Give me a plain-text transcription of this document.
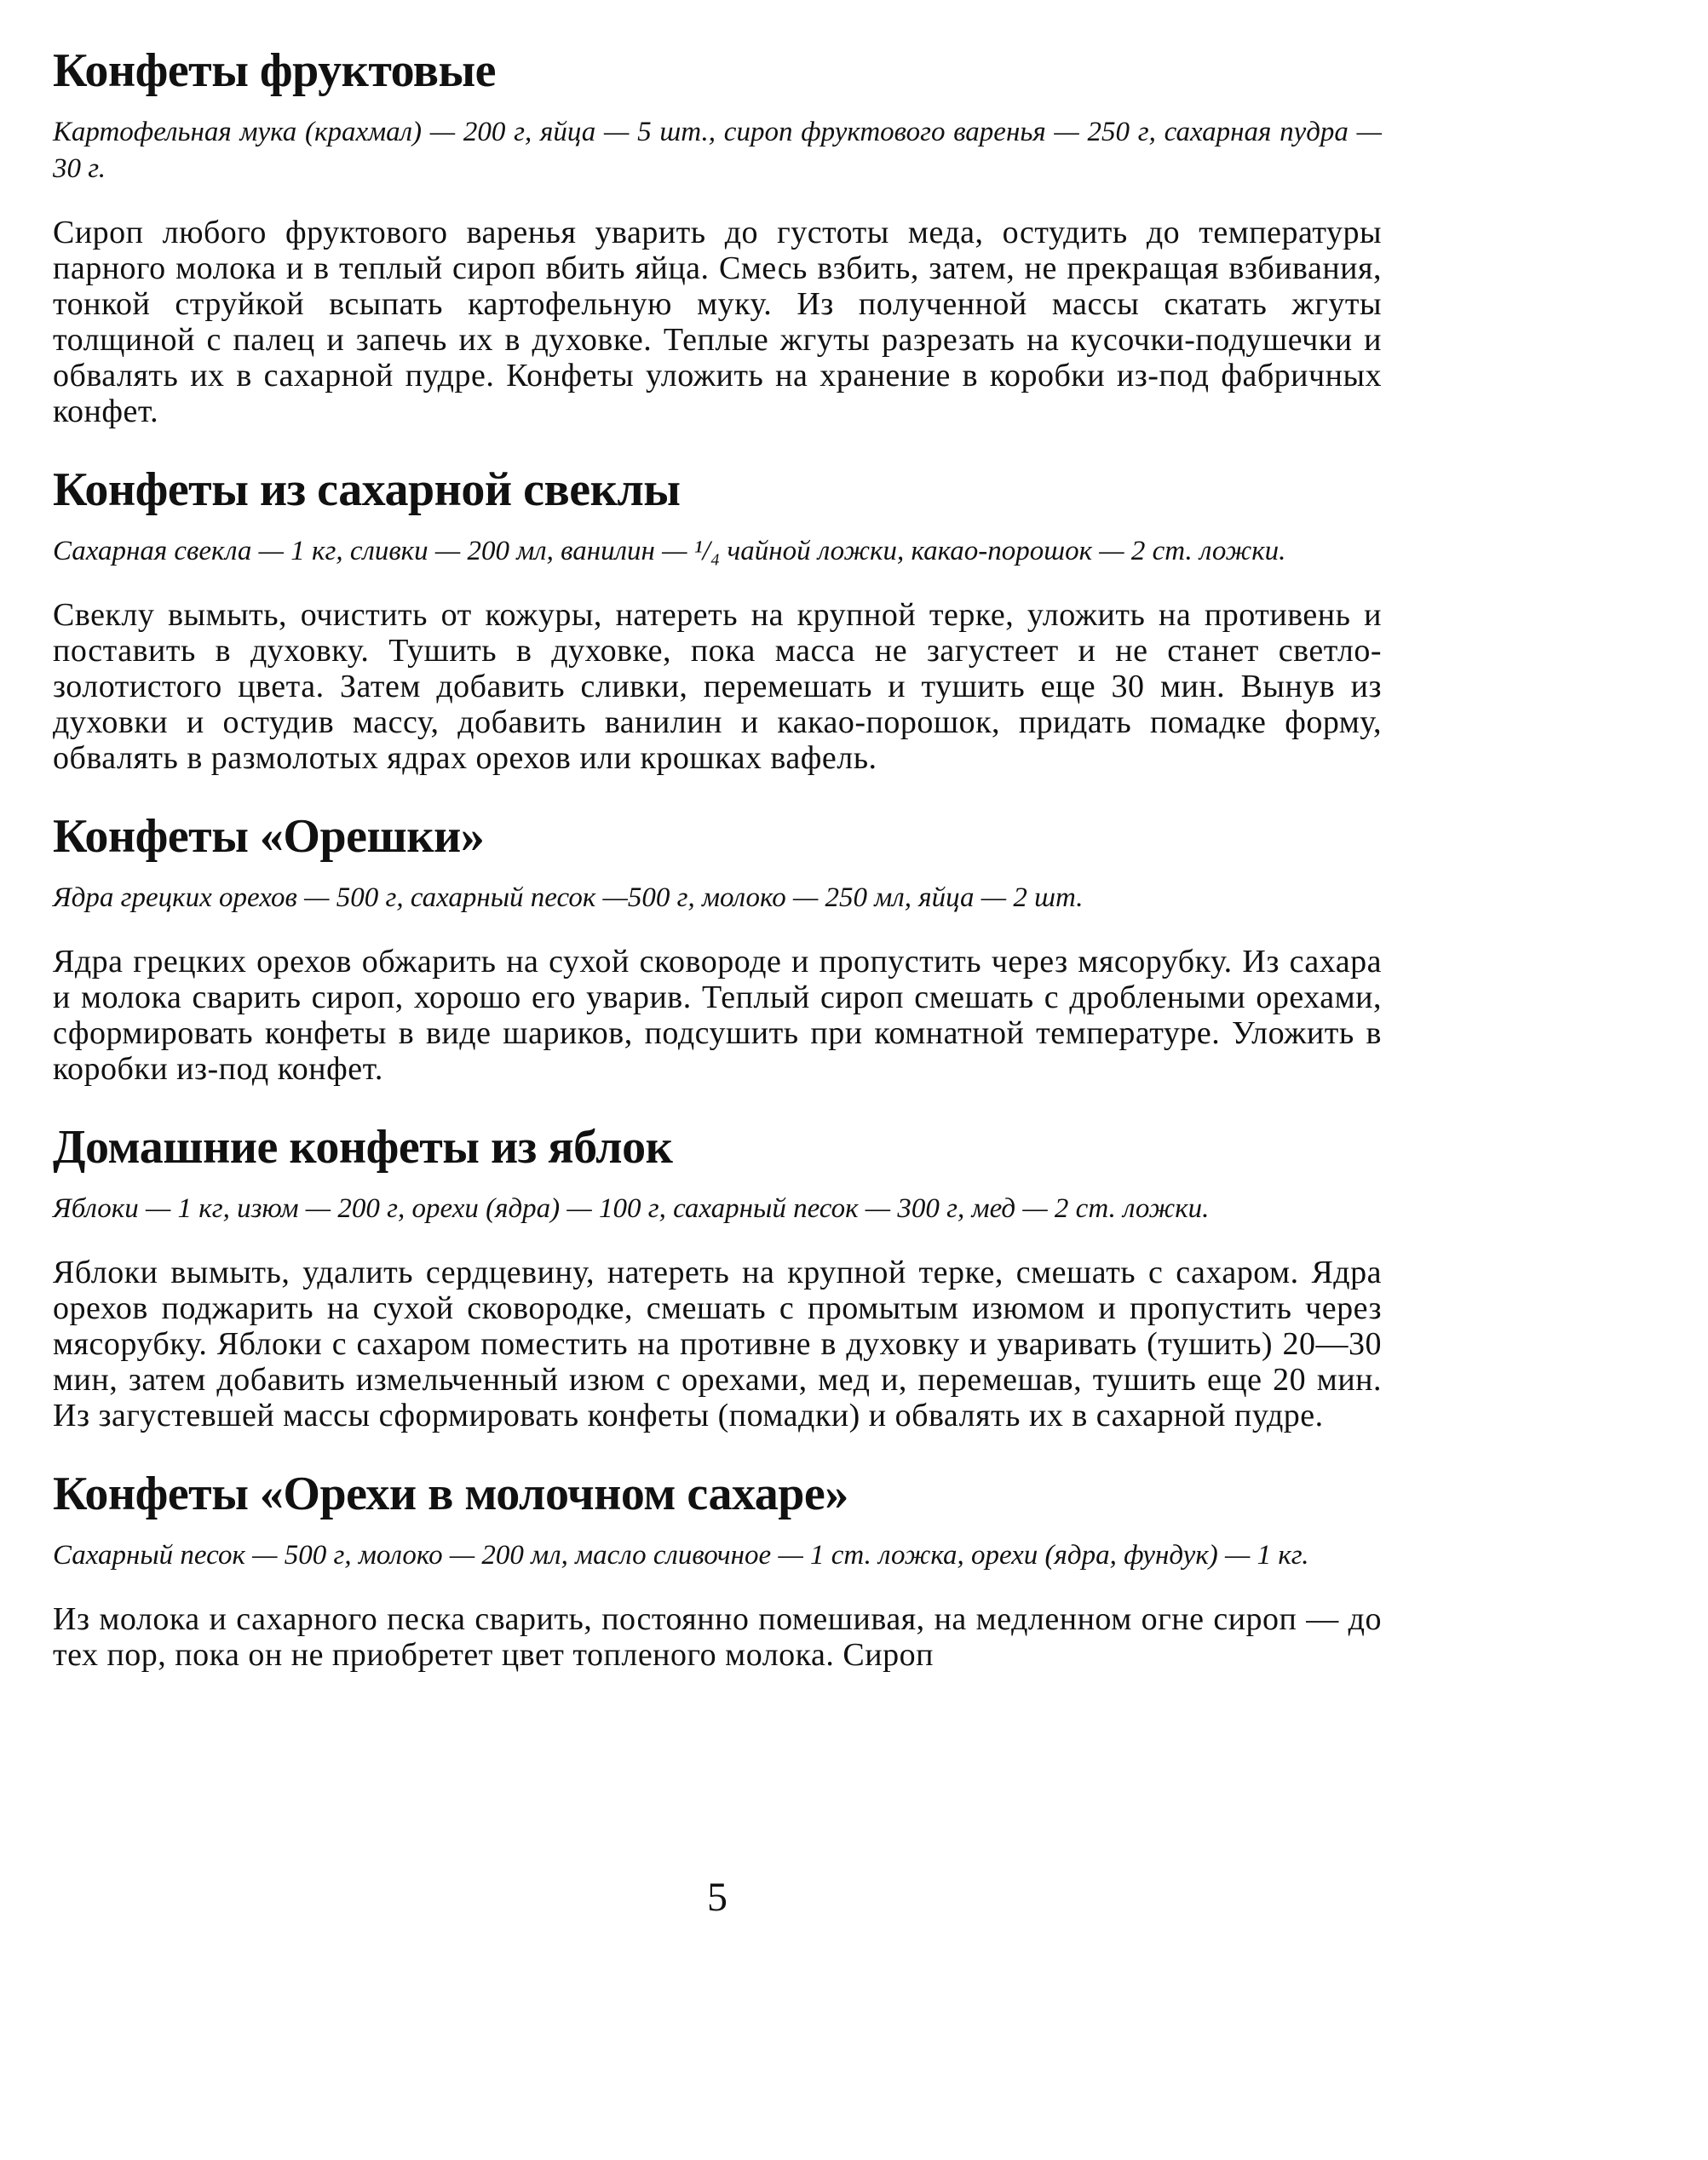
Конфеты фруктовые

Картофельная мука (крахмал) — 200 г, яйца — 5 шт., сироп фруктового варенья — 250 г, сахарная пудра — 30 г.

Сироп любого фруктового варенья уварить до густоты меда, остудить до температуры парного молока и в теплый сироп вбить яйца. Смесь взбить, затем, не прекращая взбивания, тонкой струйкой всыпать картофельную муку. Из полученной массы скатать жгуты толщиной с палец и запечь их в духовке. Теплые жгуты разрезать на кусочки-подушечки и обвалять их в сахарной пудре. Конфеты уложить на хранение в коробки из-под фабричных конфет.

Конфеты из сахарной свеклы

Сахарная свекла — 1 кг, сливки — 200 мл, ванилин — ¹/₄ чайной ложки, какао-порошок — 2 ст. ложки.

Свеклу вымыть, очистить от кожуры, натереть на крупной терке, уложить на противень и поставить в духовку. Тушить в духовке, пока масса не загустеет и не станет светло-золотистого цвета. Затем добавить сливки, перемешать и тушить еще 30 мин. Вынув из духовки и остудив массу, добавить ванилин и какао-порошок, придать помадке форму, обвалять в размолотых ядрах орехов или крошках вафель.

Конфеты «Орешки»

Ядра грецких орехов — 500 г, сахарный песок —500 г, молоко — 250 мл, яйца — 2 шт.

Ядра грецких орехов обжарить на сухой сковороде и пропустить через мясорубку. Из сахара и молока сварить сироп, хорошо его уварив. Теплый сироп смешать с дроблеными орехами, сформировать конфеты в виде шариков, подсушить при комнатной температуре. Уложить в коробки из-под конфет.

Домашние конфеты из яблок

Яблоки — 1 кг, изюм — 200 г, орехи (ядра) — 100 г, сахарный песок — 300 г, мед — 2 ст. ложки.

Яблоки вымыть, удалить сердцевину, натереть на крупной терке, смешать с сахаром. Ядра орехов поджарить на сухой сковородке, смешать с промытым изюмом и пропустить через мясорубку. Яблоки с сахаром поместить на противне в духовку и уваривать (тушить) 20—30 мин, затем добавить измельченный изюм с орехами, мед и, перемешав, тушить еще 20 мин. Из загустевшей массы сформировать конфеты (помадки) и обвалять их в сахарной пудре.

Конфеты «Орехи в молочном сахаре»

Сахарный песок — 500 г, молоко — 200 мл, масло сливочное — 1 ст. ложка, орехи (ядра, фундук) — 1 кг.

Из молока и сахарного песка сварить, постоянно помешивая, на медленном огне сироп — до тех пор, пока он не приобретет цвет топленого молока. Сироп

5
